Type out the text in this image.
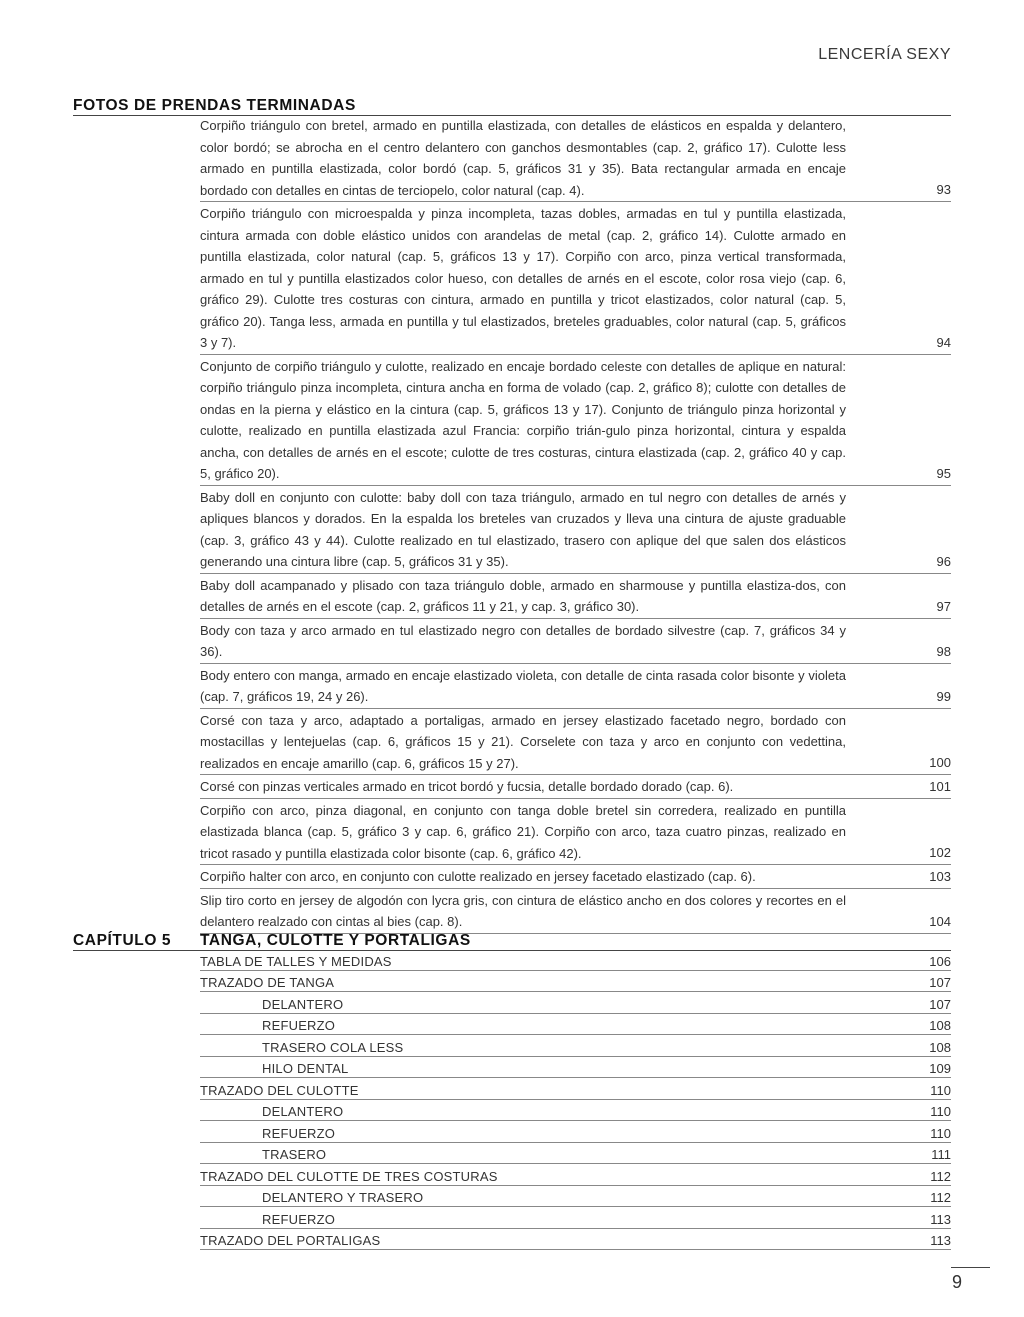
LENCERÍA SEXY
FOTOS DE PRENDAS TERMINADAS
Corpiño triángulo con bretel, armado en puntilla elastizada, con detalles de elásticos en espalda y delantero, color bordó; se abrocha en el centro delantero con ganchos desmontables (cap. 2, gráfico 17). Culotte less armado en puntilla elastizada, color bordó (cap. 5, gráficos 31 y 35). Bata rectangular armada en encaje bordado con detalles en cintas de terciopelo, color natural (cap. 4).	93
Corpiño triángulo con microespalda y pinza incompleta, tazas dobles, armadas en tul y puntilla elastizada, cintura armada con doble elástico unidos con arandelas de metal (cap. 2, gráfico 14). Culotte armado en puntilla elastizada, color natural (cap. 5, gráficos 13 y 17). Corpiño con arco, pinza vertical transformada, armado en tul y puntilla elastizados color hueso, con detalles de arnés en el escote, color rosa viejo (cap. 6, gráfico 29). Culotte tres costuras con cintura, armado en puntilla y tricot elastizados, color natural (cap. 5, gráfico 20). Tanga less, armada en puntilla y tul elastizados, breteles graduables, color natural (cap. 5, gráficos 3 y 7).	94
Conjunto de corpiño triángulo y culotte, realizado en encaje bordado celeste con detalles de aplique en natural: corpiño triángulo pinza incompleta, cintura ancha en forma de volado (cap. 2, gráfico 8); culotte con detalles de ondas en la pierna y elástico en la cintura (cap. 5, gráficos 13 y 17). Conjunto de triángulo pinza horizontal y culotte, realizado en puntilla elastizada azul Francia: corpiño trián-gulo pinza horizontal, cintura y espalda ancha, con detalles de arnés en el escote; culotte de tres costuras, cintura elastizada (cap. 2, gráfico 40 y cap. 5, gráfico 20).	95
Baby doll en conjunto con culotte: baby doll con taza triángulo, armado en tul negro con detalles de arnés y apliques blancos y dorados. En la espalda los breteles van cruzados y lleva una cintura de ajuste graduable (cap. 3, gráfico 43 y 44). Culotte realizado en tul elastizado, trasero con aplique del que salen dos elásticos generando una cintura libre (cap. 5, gráficos 31 y 35).	96
Baby doll acampanado y plisado con taza triángulo doble, armado en sharmouse y puntilla elastiza-dos, con detalles de arnés en el escote (cap. 2, gráficos 11 y 21, y cap. 3, gráfico 30).	97
Body con taza y arco armado en tul elastizado negro con detalles de bordado silvestre (cap. 7, gráficos 34 y 36).	98
Body entero con manga, armado en encaje elastizado violeta, con detalle de cinta rasada color bisonte y violeta (cap. 7, gráficos 19, 24 y 26).	99
Corsé con taza y arco, adaptado a portaligas, armado en jersey elastizado facetado negro, bordado con mostacillas y lentejuelas (cap. 6, gráficos 15 y 21). Corselete con taza y arco en conjunto con vedettina, realizados en encaje amarillo (cap. 6, gráficos 15 y 27).	100
Corsé con pinzas verticales armado en tricot bordó y fucsia, detalle bordado dorado (cap. 6).	101
Corpiño con arco, pinza diagonal, en conjunto con tanga doble bretel sin corredera, realizado en puntilla elastizada blanca (cap. 5, gráfico 3 y cap. 6, gráfico 21). Corpiño con arco, taza cuatro pinzas, realizado en tricot rasado y puntilla elastizada color bisonte (cap. 6, gráfico 42).	102
Corpiño halter con arco, en conjunto con culotte realizado en jersey facetado elastizado (cap. 6).	103
Slip tiro corto en jersey de algodón con lycra gris, con cintura de elástico ancho en dos colores y recortes en el delantero realzado con cintas al bies (cap. 8).	104
CAPÍTULO 5 TANGA, CULOTTE Y PORTALIGAS
TABLA DE TALLES Y MEDIDAS	106
TRAZADO DE TANGA	107
DELANTERO	107
REFUERZO	108
TRASERO COLA LESS	108
HILO DENTAL	109
TRAZADO DEL CULOTTE	110
DELANTERO	110
REFUERZO	110
TRASERO	111
TRAZADO DEL CULOTTE DE TRES COSTURAS	112
DELANTERO Y TRASERO	112
REFUERZO	113
TRAZADO DEL PORTALIGAS	113
9
